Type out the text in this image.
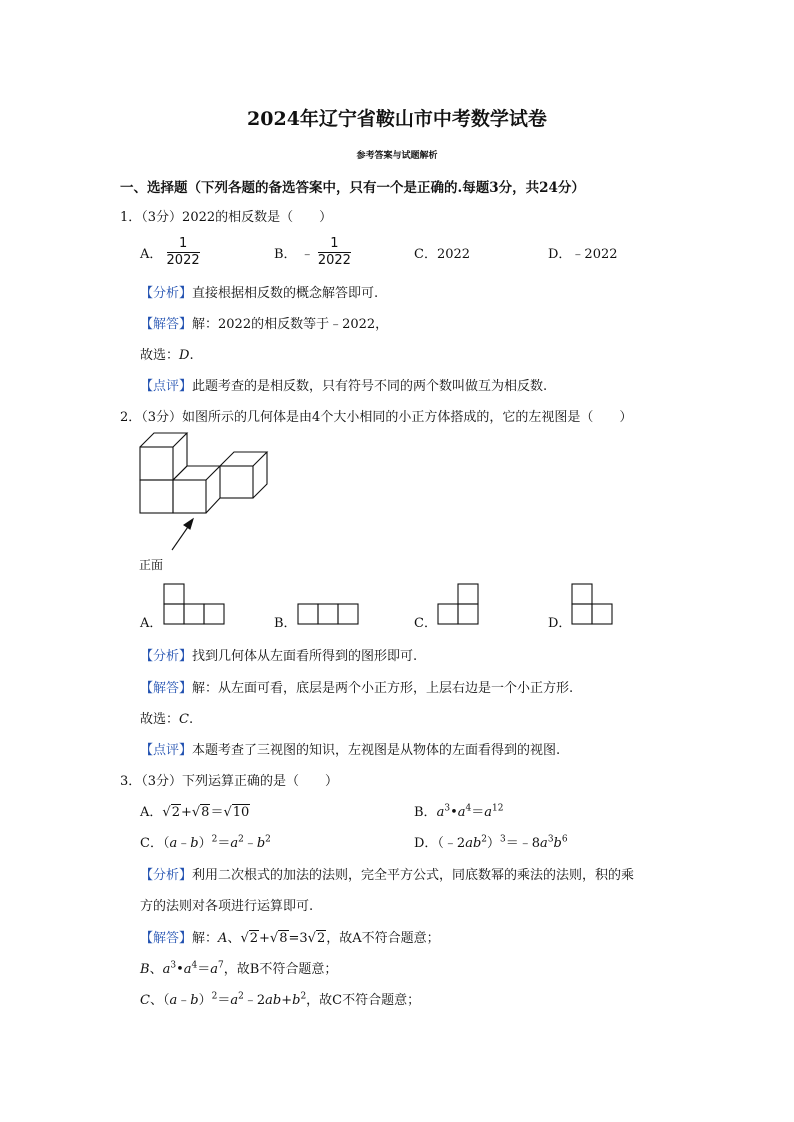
2024年辽宁省鞍山市中考数学试卷
参考答案与试题解析
一、选择题（下列各题的备选答案中，只有一个是正确的.每题3分，共24分）
1．（3分）2022的相反数是（　　）
A． $\frac{1}{2022}$	B． ﹣ $\frac{1}{2022}$	C．2022	D．﹣2022
【分析】直接根据相反数的概念解答即可.
【解答】解：2022的相反数等于﹣2022，
故选：D.
【点评】此题考查的是相反数，只有符号不同的两个数叫做互为相反数.
2．（3分）如图所示的几何体是由4个大小相同的小正方体搭成的，它的左视图是（　　）
正面
A．	B．	C．	D．
【分析】找到几何体从左面看所得到的图形即可.
【解答】解：从左面可看，底层是两个小正方形，上层右边是一个小正方形.
故选：C.
【点评】本题考查了三视图的知识，左视图是从物体的左面看得到的视图.
3．（3分）下列运算正确的是（　　）
A．√2+√8＝√10	B．$a^3•a^4=a^{12}$
C．$(a﹣b)^2=a^2﹣b^2$	D．$(﹣2ab^2)^3=﹣8a^3b^6$
【分析】利用二次根式的加法的法则，完全平方公式，同底数幂的乘法的法则，积的乘
方的法则对各项进行运算即可.
【解答】解：A、√2+√8=3√2，故A不符合题意；
B、$a^3•a^4=a^7$，故B不符合题意；
C、$(a﹣b)^2=a^2﹣2ab+b^2$，故C不符合题意；
